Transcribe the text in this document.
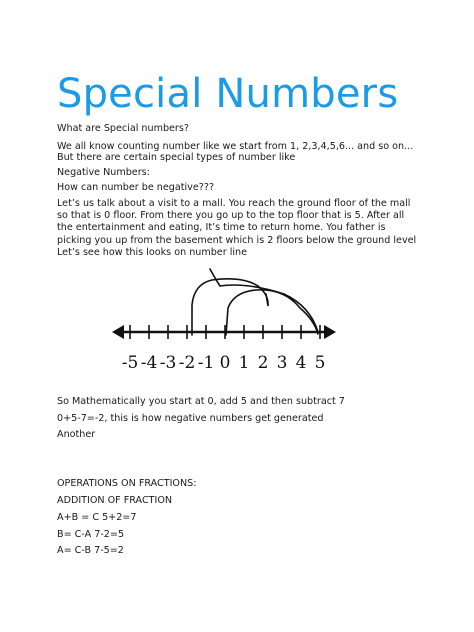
Special Numbers
What are Special numbers?
We all know counting number like we start from 1, 2,3,4,5,6... and so on...
But there are certain special types of number like
Negative Numbers:
How can number be negative???
Let’s us talk about a visit to a mall. You reach the ground floor of the mall
so that is 0 floor. From there you go up to the top floor that is 5. After all
the entertainment and eating, It’s time to return home. You father is
picking you up from the basement which is 2 floors below the ground level
Let’s see how this looks on number line
-5 -4 -3 -2 -1 0 1 2 3 4 5
So Mathematically you start at 0, add 5 and then subtract 7
0+5-7=-2, this is how negative numbers get generated
Another
OPERATIONS ON FRACTIONS:
ADDITION OF FRACTION
A+B = C 5+2=7
B= C-A 7-2=5
A= C-B 7-5=2
